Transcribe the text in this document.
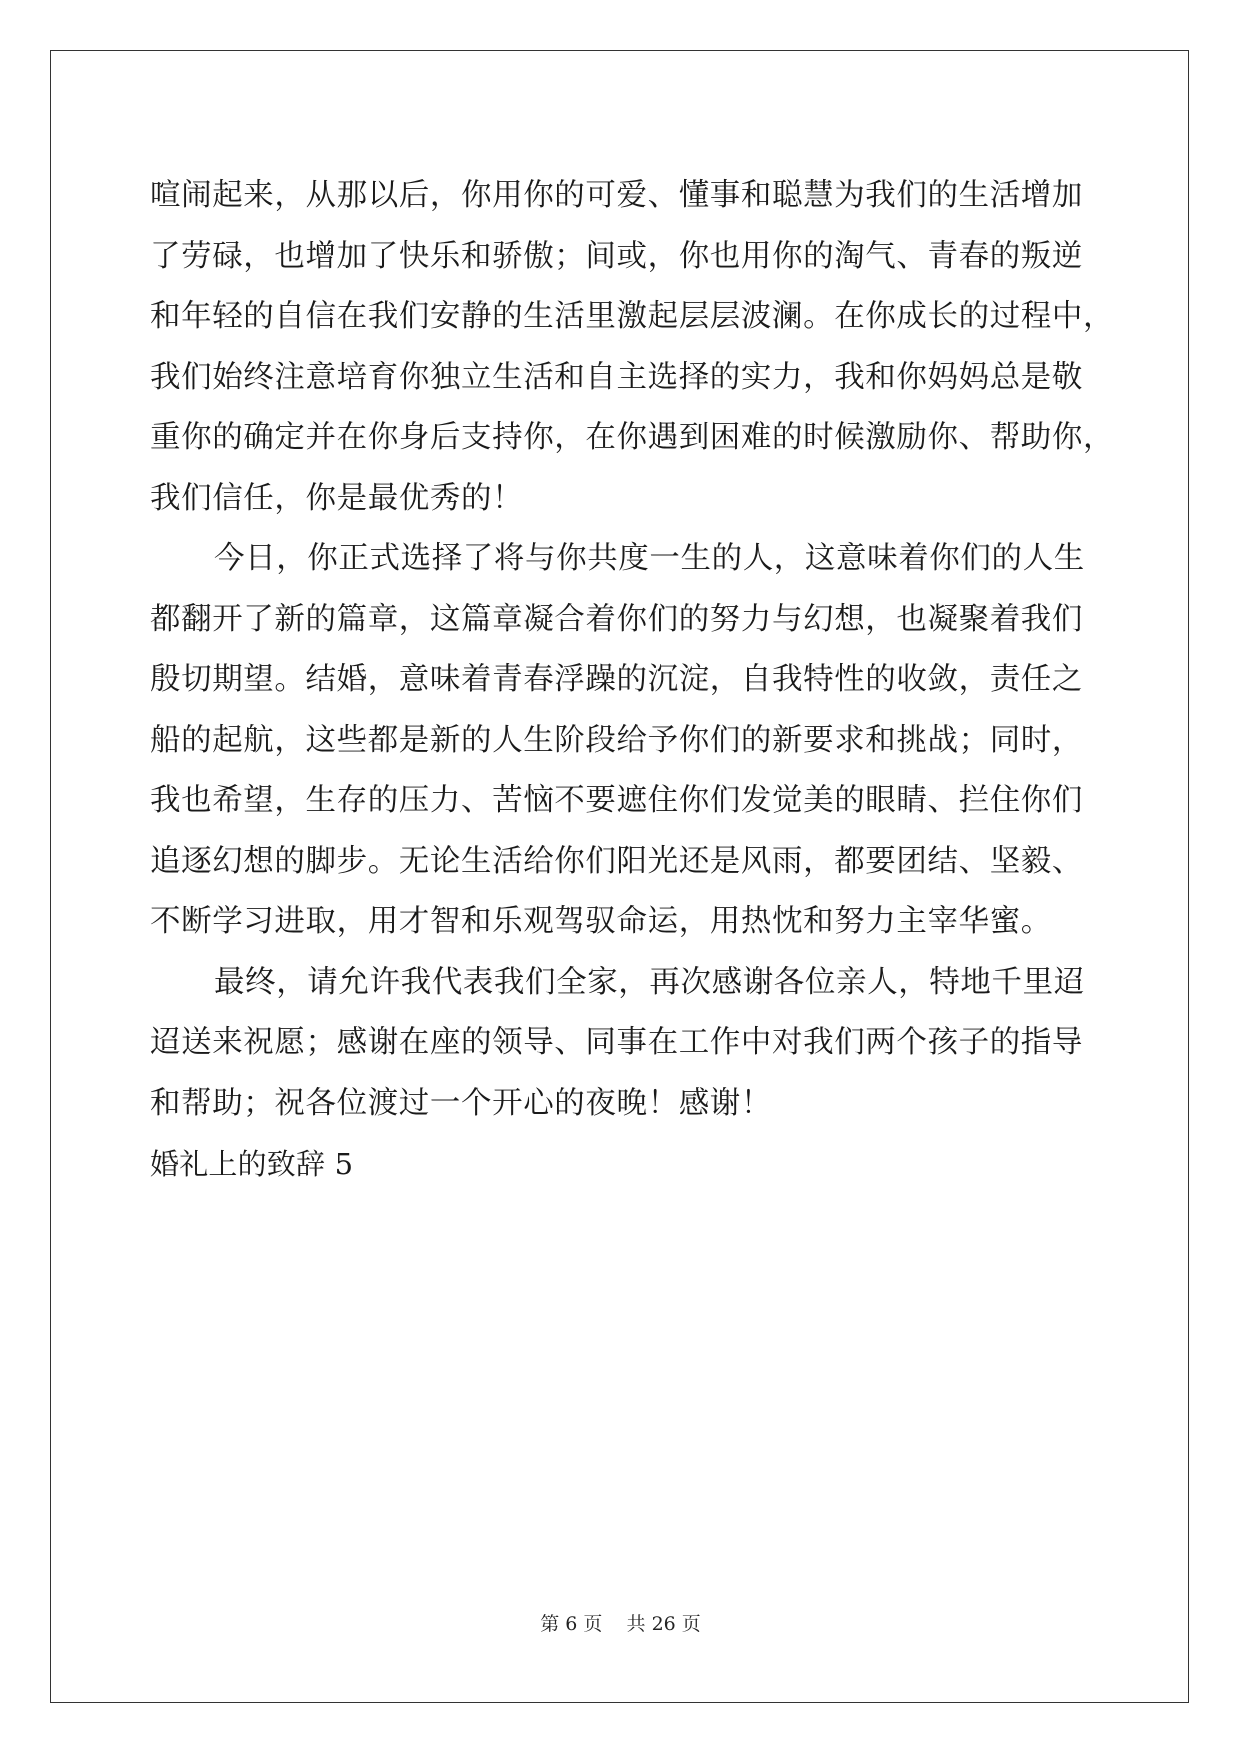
喧闹起来，从那以后，你用你的可爱、懂事和聪慧为我们的生活增加
了劳碌，也增加了快乐和骄傲；间或，你也用你的淘气、青春的叛逆
和年轻的自信在我们安静的生活里激起层层波澜。在你成长的过程中，
我们始终注意培育你独立生活和自主选择的实力，我和你妈妈总是敬
重你的确定并在你身后支持你，在你遇到困难的时候激励你、帮助你，
我们信任，你是最优秀的！
今日，你正式选择了将与你共度一生的人，这意味着你们的人生
都翻开了新的篇章，这篇章凝合着你们的努力与幻想，也凝聚着我们
殷切期望。结婚，意味着青春浮躁的沉淀，自我特性的收敛，责任之
船的起航，这些都是新的人生阶段给予你们的新要求和挑战；同时，
我也希望，生存的压力、苦恼不要遮住你们发觉美的眼睛、拦住你们
追逐幻想的脚步。无论生活给你们阳光还是风雨，都要团结、坚毅、
不断学习进取，用才智和乐观驾驭命运，用热忱和努力主宰华蜜。
最终，请允许我代表我们全家，再次感谢各位亲人，特地千里迢
迢送来祝愿；感谢在座的领导、同事在工作中对我们两个孩子的指导
和帮助；祝各位渡过一个开心的夜晚！感谢！
婚礼上的致辞 5
第 6 页    共 26 页
